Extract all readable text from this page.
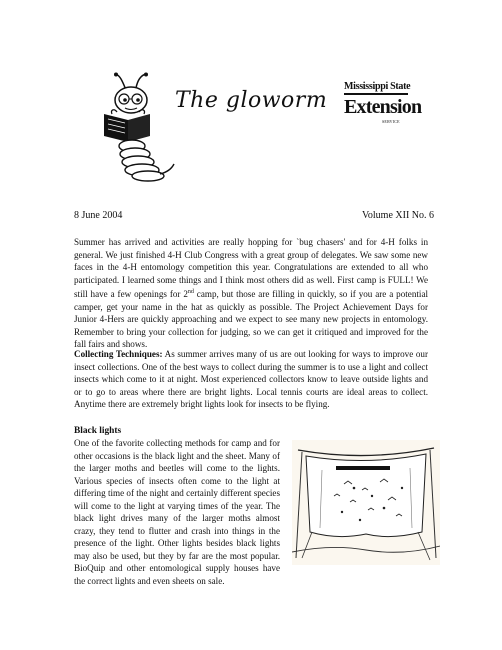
The gloworm
Mississippi State
Extension
SERVICE
8 June 2004	Volume XII No. 6

Summer has arrived and activities are really hopping for `bug chasers' and for 4-H folks in general. We just finished 4-H Club Congress with a great group of delegates. We saw some new faces in the 4-H entomology competition this year. Congratulations are extended to all who participated. I learned some things and I think most others did as well. First camp is FULL! We still have a few openings for 2nd camp, but those are filling in quickly, so if you are a potential camper, get your name in the hat as quickly as possible. The Project Achievement Days for Junior 4-Hers are quickly approaching and we expect to see many new projects in entomology. Remember to bring your collection for judging, so we can get it critiqued and improved for the fall fairs and shows.

Collecting Techniques: As summer arrives many of us are out looking for ways to improve our insect collections. One of the best ways to collect during the summer is to use a light and collect insects which come to it at night. Most experienced collectors know to leave outside lights and or to go to areas where there are bright lights. Local tennis courts are ideal areas to collect. Anytime there are extremely bright lights look for insects to be flying.

Black lights

One of the favorite collecting methods for camp and for other occasions is the black light and the sheet. Many of the larger moths and beetles will come to the lights. Various species of insects often come to the light at differing time of the night and certainly different species will come to the light at varying times of the year. The black light drives many of the larger moths almost crazy, they tend to flutter and crash into things in the presence of the light. Other lights besides black lights may also be used, but they by far are the most popular. BioQuip and other entomological supply houses have the correct lights and even sheets on sale.
